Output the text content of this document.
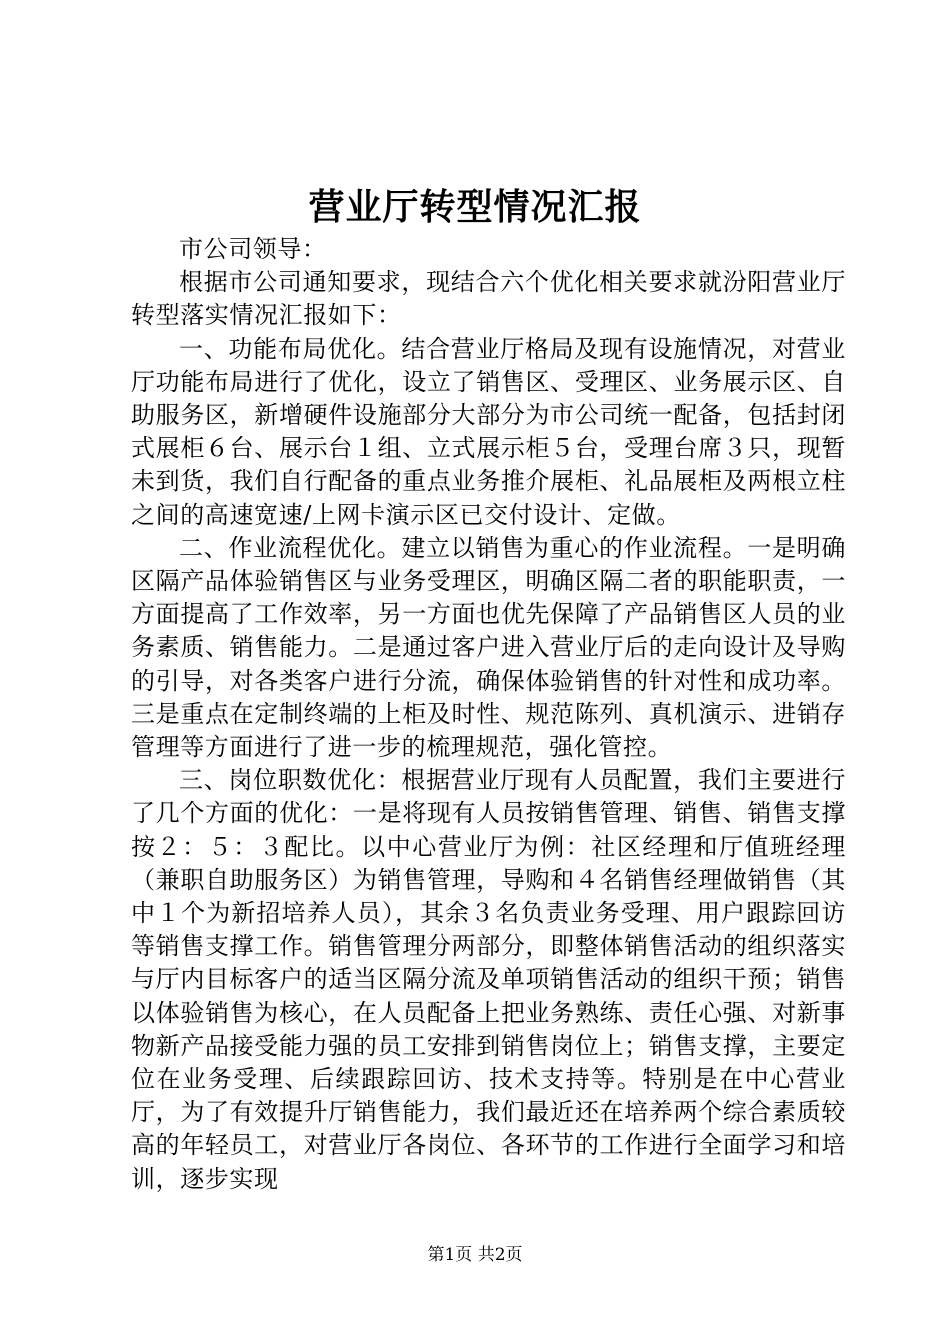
营业厅转型情况汇报

市公司领导：

根据市公司通知要求，现结合六个优化相关要求就汾阳营业厅转型落实情况汇报如下：

一、功能布局优化。结合营业厅格局及现有设施情况，对营业厅功能布局进行了优化，设立了销售区、受理区、业务展示区、自助服务区，新增硬件设施部分大部分为市公司统一配备，包括封闭式展柜６台、展示台１组、立式展示柜５台，受理台席３只，现暂未到货，我们自行配备的重点业务推介展柜、礼品展柜及两根立柱之间的高速宽速/上网卡演示区已交付设计、定做。

二、作业流程优化。建立以销售为重心的作业流程。一是明确区隔产品体验销售区与业务受理区，明确区隔二者的职能职责，一方面提高了工作效率，另一方面也优先保障了产品销售区人员的业务素质、销售能力。二是通过客户进入营业厅后的走向设计及导购的引导，对各类客户进行分流，确保体验销售的针对性和成功率。三是重点在定制终端的上柜及时性、规范陈列、真机演示、进销存管理等方面进行了进一步的梳理规范，强化管控。

三、岗位职数优化：根据营业厅现有人员配置，我们主要进行了几个方面的优化：一是将现有人员按销售管理、销售、销售支撑按２：５：３配比。以中心营业厅为例：社区经理和厅值班经理（兼职自助服务区）为销售管理，导购和４名销售经理做销售（其中１个为新招培养人员），其余３名负责业务受理、用户跟踪回访等销售支撑工作。销售管理分两部分，即整体销售活动的组织落实与厅内目标客户的适当区隔分流及单项销售活动的组织干预；销售以体验销售为核心，在人员配备上把业务熟练、责任心强、对新事物新产品接受能力强的员工安排到销售岗位上；销售支撑，主要定位在业务受理、后续跟踪回访、技术支持等。特别是在中心营业厅，为了有效提升厅销售能力，我们最近还在培养两个综合素质较高的年轻员工，对营业厅各岗位、各环节的工作进行全面学习和培训，逐步实现

第1页 共2页
